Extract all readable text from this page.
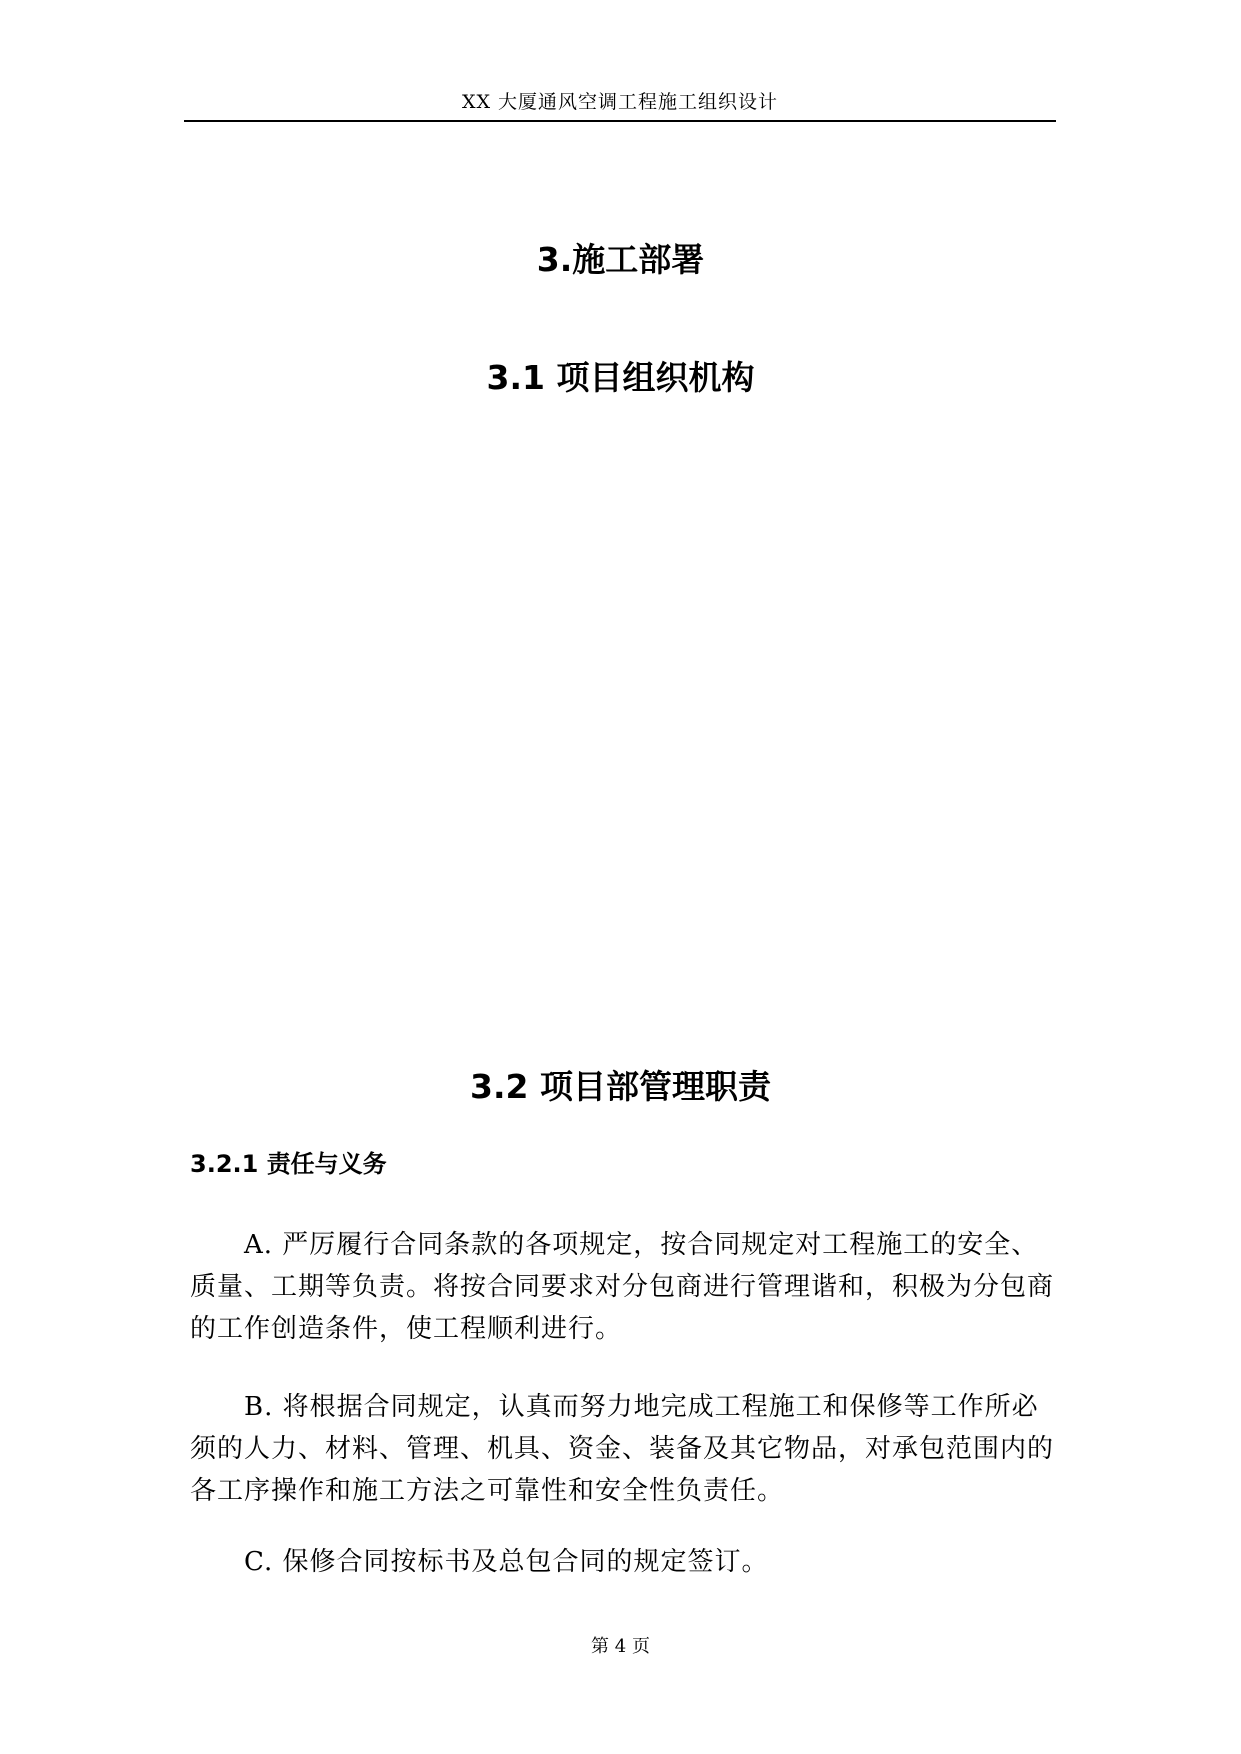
XX 大厦通风空调工程施工组织设计
3.施工部署
3.1 项目组织机构
3.2 项目部管理职责
3.2.1 责任与义务

A. 严厉履行合同条款的各项规定，按合同规定对工程施工的安全、
质量、工期等负责。将按合同要求对分包商进行管理谐和，积极为分包商
的工作创造条件，使工程顺利进行。

B. 将根据合同规定，认真而努力地完成工程施工和保修等工作所必
须的人力、材料、管理、机具、资金、装备及其它物品，对承包范围内的
各工序操作和施工方法之可靠性和安全性负责任。

C. 保修合同按标书及总包合同的规定签订。

第 4 页
